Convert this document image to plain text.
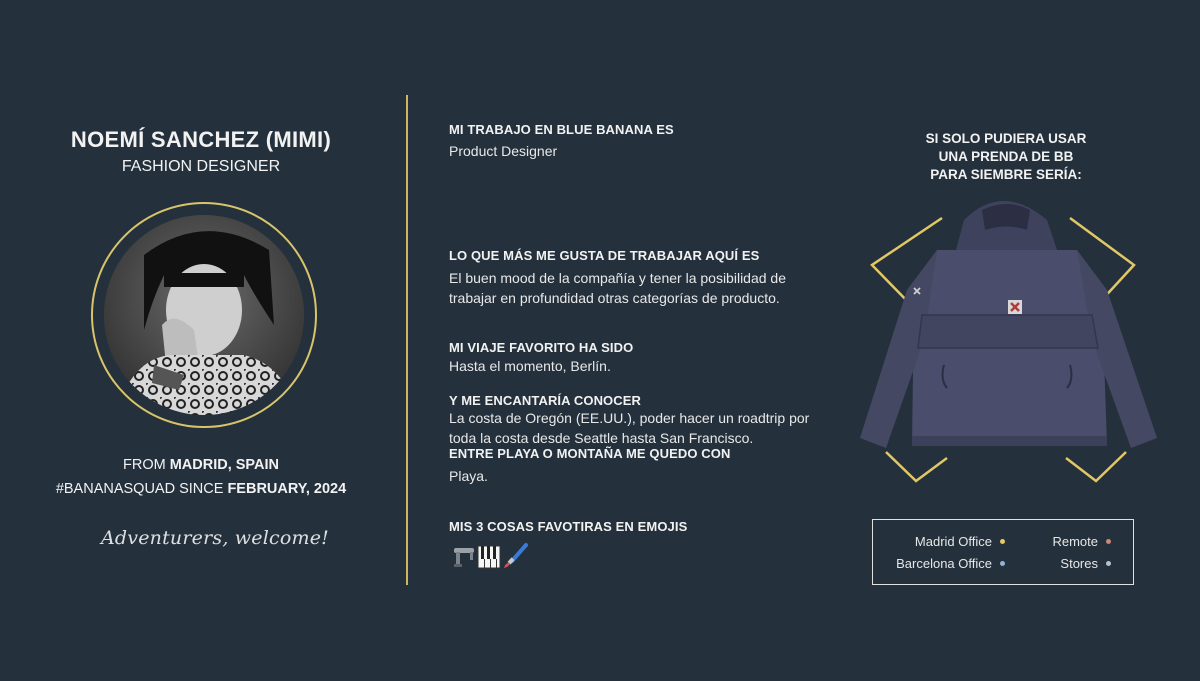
NOEMÍ SANCHEZ (MIMI)
FASHION DESIGNER
FROM MADRID, SPAIN
#BANANASQUAD SINCE FEBRUARY, 2024
Adventurers, welcome!
MI TRABAJO EN BLUE BANANA ES
Product Designer
LO QUE MÁS ME GUSTA DE TRABAJAR AQUÍ ES
El buen mood de la compañía y tener la posibilidad de trabajar en profundidad otras categorías de producto.
MI VIAJE FAVORITO HA SIDO
Hasta el momento, Berlín.
Y ME ENCANTARÍA CONOCER
La costa de Oregón (EE.UU.), poder hacer un roadtrip por toda la costa desde Seattle hasta San Francisco.
ENTRE PLAYA O MONTAÑA ME QUEDO CON
Playa.
MIS 3 COSAS FAVOTIRAS EN EMOJIS
SI SOLO PUDIERA USAR
UNA PRENDA DE BB
PARA SIEMBRE SERÍA:
Madrid Office	Remote
Barcelona Office	Stores
